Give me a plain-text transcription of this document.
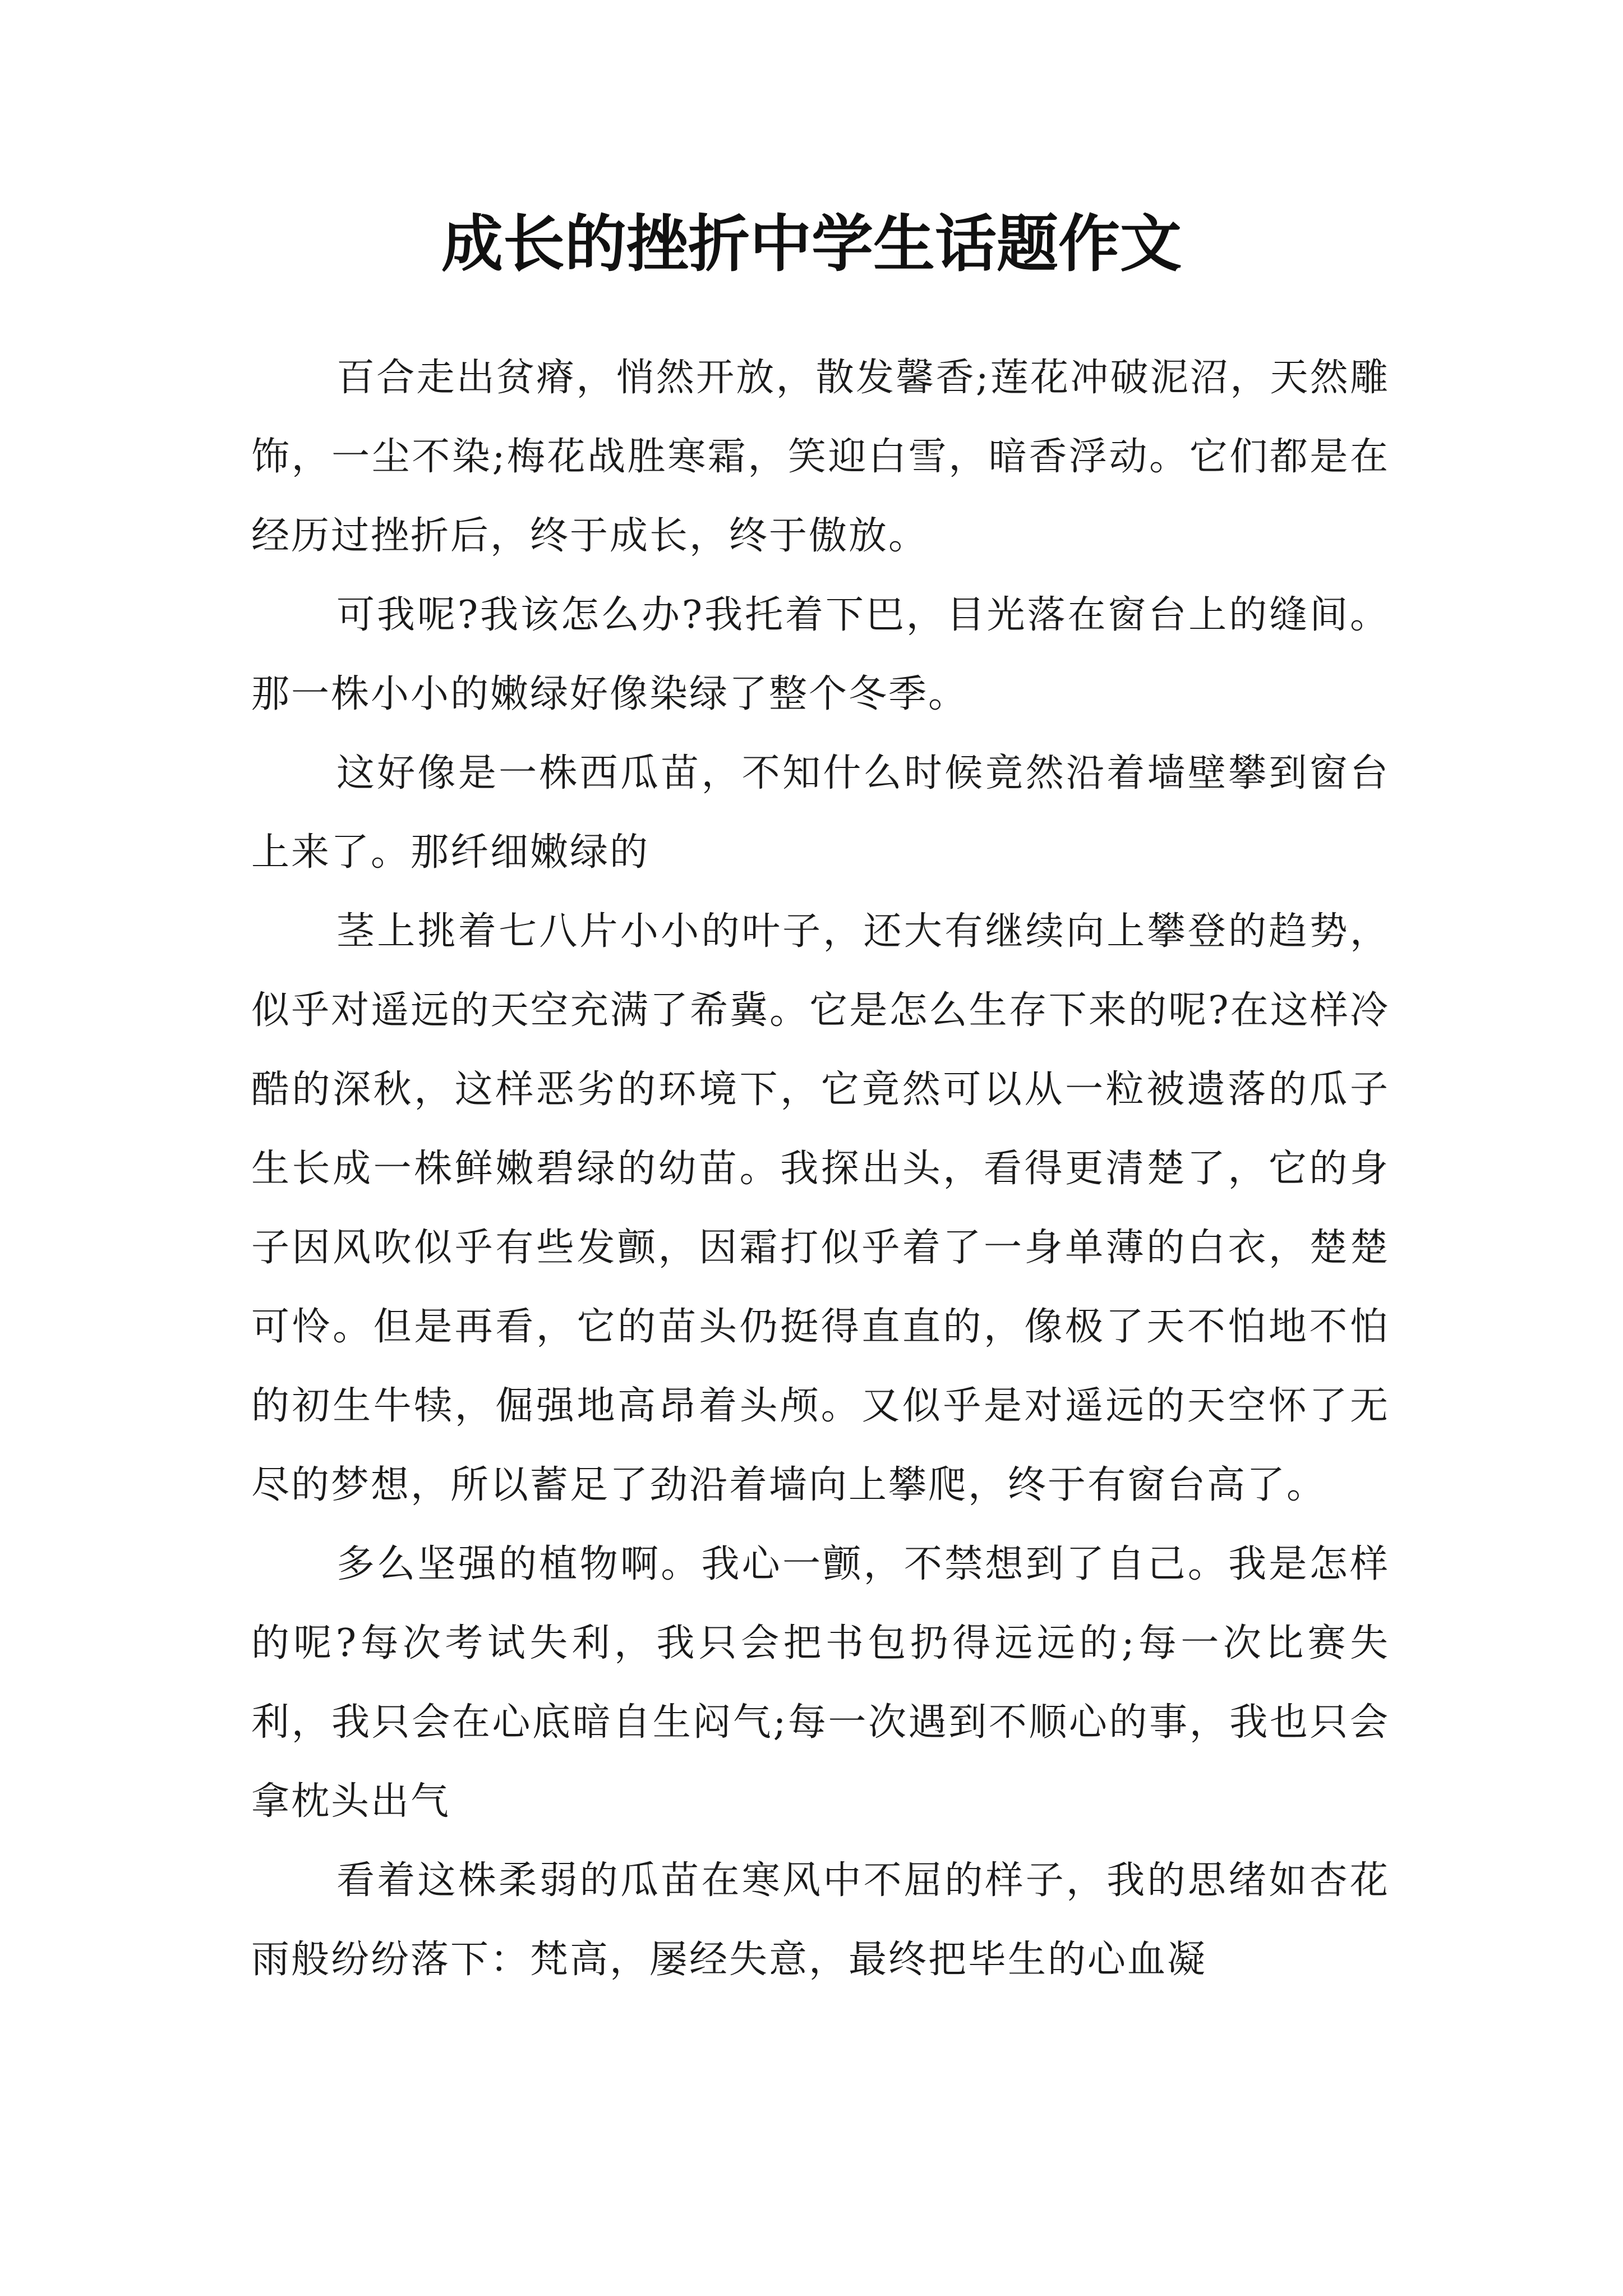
成长的挫折中学生话题作文

百合走出贫瘠，悄然开放，散发馨香;莲花冲破泥沼，天然雕饰，一尘不染;梅花战胜寒霜，笑迎白雪，暗香浮动。它们都是在经历过挫折后，终于成长，终于傲放。

可我呢?我该怎么办?我托着下巴，目光落在窗台上的缝间。那一株小小的嫩绿好像染绿了整个冬季。

这好像是一株西瓜苗，不知什么时候竟然沿着墙壁攀到窗台上来了。那纤细嫩绿的

茎上挑着七八片小小的叶子，还大有继续向上攀登的趋势，似乎对遥远的天空充满了希冀。它是怎么生存下来的呢?在这样冷酷的深秋，这样恶劣的环境下，它竟然可以从一粒被遗落的瓜子生长成一株鲜嫩碧绿的幼苗。我探出头，看得更清楚了，它的身子因风吹似乎有些发颤，因霜打似乎着了一身单薄的白衣，楚楚可怜。但是再看，它的苗头仍挺得直直的，像极了天不怕地不怕的初生牛犊，倔强地高昂着头颅。又似乎是对遥远的天空怀了无尽的梦想，所以蓄足了劲沿着墙向上攀爬，终于有窗台高了。

多么坚强的植物啊。我心一颤，不禁想到了自己。我是怎样的呢?每次考试失利，我只会把书包扔得远远的;每一次比赛失利，我只会在心底暗自生闷气;每一次遇到不顺心的事，我也只会拿枕头出气

看着这株柔弱的瓜苗在寒风中不屈的样子，我的思绪如杏花雨般纷纷落下：梵高，屡经失意，最终把毕生的心血凝
